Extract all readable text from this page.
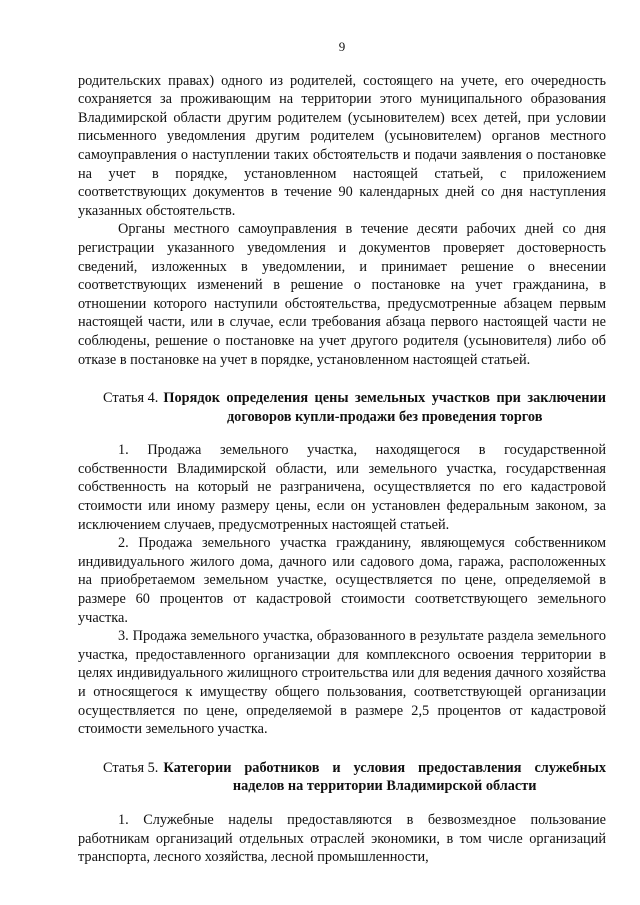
9

родительских правах) одного из родителей, состоящего на учете, его очередность сохраняется за проживающим на территории этого муниципального образования Владимирской области другим родителем (усыновителем) всех детей, при условии письменного уведомления другим родителем (усыновителем) органов местного самоуправления о наступлении таких обстоятельств и подачи заявления о постановке на учет в порядке, установленном настоящей статьей, с приложением соответствующих документов в течение 90 календарных дней со дня наступления указанных обстоятельств.

Органы местного самоуправления в течение десяти рабочих дней со дня регистрации указанного уведомления и документов проверяет достоверность сведений, изложенных в уведомлении, и принимает решение о внесении соответствующих изменений в решение о постановке на учет гражданина, в отношении которого наступили обстоятельства, предусмотренные абзацем первым настоящей части, или в случае, если требования абзаца первого настоящей части не соблюдены, решение о постановке на учет другого родителя (усыновителя) либо об отказе в постановке на учет в порядке, установленном настоящей статьей.

Статья 4. Порядок определения цены земельных участков при заключении договоров купли-продажи без проведения торгов

1. Продажа земельного участка, находящегося в государственной собственности Владимирской области, или земельного участка, государственная собственность на который не разграничена, осуществляется по его кадастровой стоимости или иному размеру цены, если он установлен федеральным законом, за исключением случаев, предусмотренных настоящей статьей.

2. Продажа земельного участка гражданину, являющемуся собственником индивидуального жилого дома, дачного или садового дома, гаража, расположенных на приобретаемом земельном участке, осуществляется по цене, определяемой в размере 60 процентов от кадастровой стоимости соответствующего земельного участка.

3. Продажа земельного участка, образованного в результате раздела земельного участка, предоставленного организации для комплексного освоения территории в целях индивидуального жилищного строительства или для ведения дачного хозяйства и относящегося к имуществу общего пользования, соответствующей организации осуществляется по цене, определяемой в размере 2,5 процентов от кадастровой стоимости земельного участка.

Статья 5. Категории работников и условия предоставления служебных наделов на территории Владимирской области

1. Служебные наделы предоставляются в безвозмездное пользование работникам организаций отдельных отраслей экономики, в том числе организаций транспорта, лесного хозяйства, лесной промышленности,
